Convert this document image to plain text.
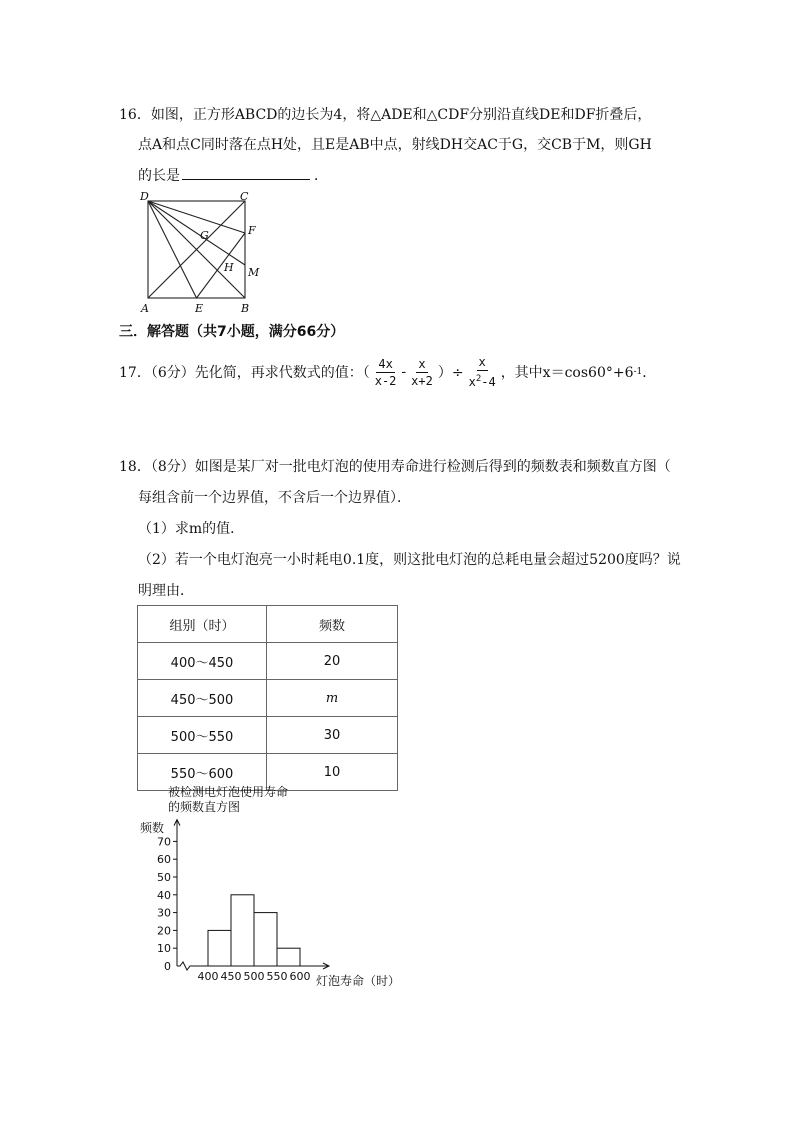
16．如图，正方形ABCD的边长为4，将△ADE和△CDF分别沿直线DE和DF折叠后，
点A和点C同时落在点H处，且E是AB中点，射线DH交AC于G，交CB于M，则GH
的长是	．
D	C
G	F
H M
A	E	B
三．解答题（共7小题，满分66分）
17．（6分）先化简，再求代数式的值：（ $\frac{4x}{x-2} - \frac{x}{x+2}$ ）÷ $\frac{x}{x^2-4}$ ，其中x＝cos60°+6 -1 ．
18．（8分）如图是某厂对一批电灯泡的使用寿命进行检测后得到的频数表和频数直方图（
每组含前一个边界值，不含后一个边界值）．
（1）求m的值．
（2）若一个电灯泡亮一小时耗电0.1度，则这批电灯泡的总耗电量会超过5200度吗？说
明理由．
组别（时）	频数
400～450	20
450～500	m
500～550	30
550～600	10
被检测电灯泡使用寿命
的频数直方图
频数
灯泡寿命（时）
0
10
20
30
40
50
60
70
400 450 500 550 600
